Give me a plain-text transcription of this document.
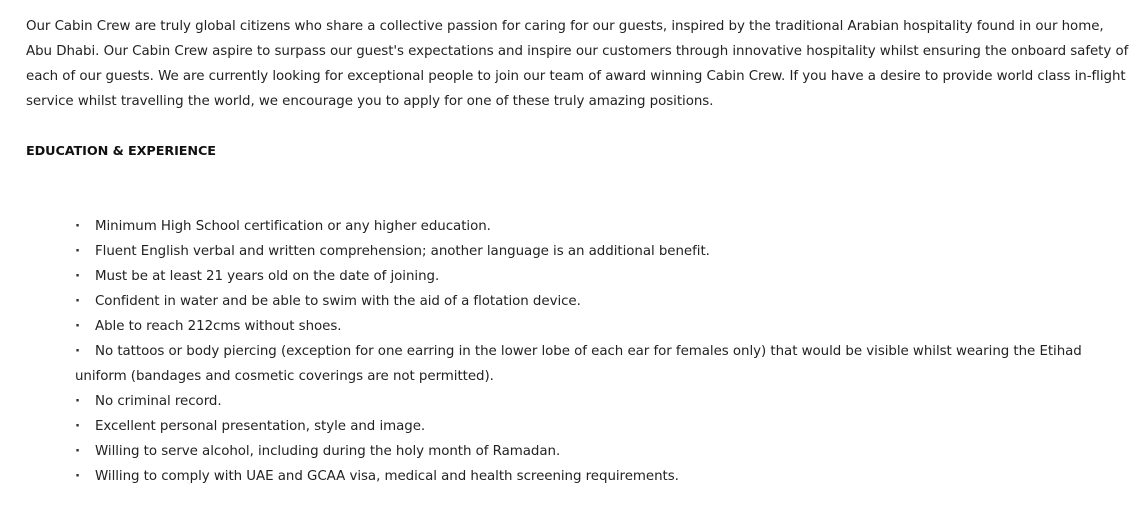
Our Cabin Crew are truly global citizens who share a collective passion for caring for our guests, inspired by the traditional Arabian hospitality found in our home, Abu Dhabi. Our Cabin Crew aspire to surpass our guest's expectations and inspire our customers through innovative hospitality whilst ensuring the onboard safety of each of our guests. We are currently looking for exceptional people to join our team of award winning Cabin Crew. If you have a desire to provide world class in-flight service whilst travelling the world, we encourage you to apply for one of these truly amazing positions.

EDUCATION & EXPERIENCE
· Minimum High School certification or any higher education.
· Fluent English verbal and written comprehension; another language is an additional benefit.
· Must be at least 21 years old on the date of joining.
· Confident in water and be able to swim with the aid of a flotation device.
· Able to reach 212cms without shoes.
· No tattoos or body piercing (exception for one earring in the lower lobe of each ear for females only) that would be visible whilst wearing the Etihad uniform (bandages and cosmetic coverings are not permitted).
· No criminal record.
· Excellent personal presentation, style and image.
· Willing to serve alcohol, including during the holy month of Ramadan.
· Willing to comply with UAE and GCAA visa, medical and health screening requirements.
